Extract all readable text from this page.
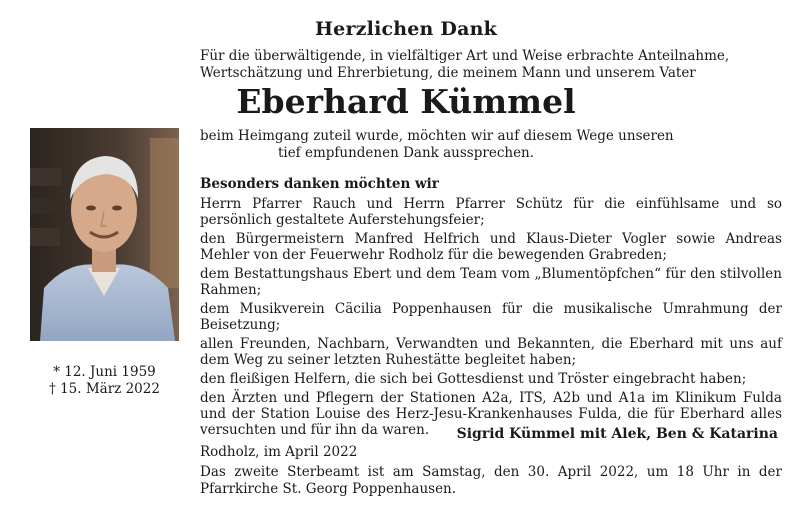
Herzlichen Dank
Für die überwältigende, in vielfältiger Art und Weise erbrachte Anteilnahme,
Wertschätzung und Ehrerbietung, die meinem Mann und unserem Vater
Eberhard Kümmel
beim Heimgang zuteil wurde, möchten wir auf diesem Wege unseren
tief empfundenen Dank aussprechen.
* 12. Juni 1959
† 15. März 2022
Besonders danken möchten wir
Herrn Pfarrer Rauch und Herrn Pfarrer Schütz für die einfühlsame und so persönlich gestaltete Auferstehungsfeier;
den Bürgermeistern Manfred Helfrich und Klaus-Dieter Vogler sowie Andreas Mehler von der Feuerwehr Rodholz für die bewegenden Grabreden;
dem Bestattungshaus Ebert und dem Team vom „Blumentöpfchen“ für den stilvollen Rahmen;
dem Musikverein Cäcilia Poppenhausen für die musikalische Umrahmung der Beisetzung;
allen Freunden, Nachbarn, Verwandten und Bekannten, die Eberhard mit uns auf dem Weg zu seiner letzten Ruhestätte begleitet haben;
den fleißigen Helfern, die sich bei Gottesdienst und Tröster eingebracht haben;
den Ärzten und Pflegern der Stationen A2a, ITS, A2b und A1a im Klinikum Fulda und der Station Louise des Herz-Jesu-Krankenhauses Fulda, die für Eberhard alles versuchten und für ihn da waren.	Sigrid Kümmel mit Alek, Ben & Katarina
Rodholz, im April 2022
Das zweite Sterbeamt ist am Samstag, den 30. April 2022, um 18 Uhr in der Pfarrkirche St. Georg Poppenhausen.
